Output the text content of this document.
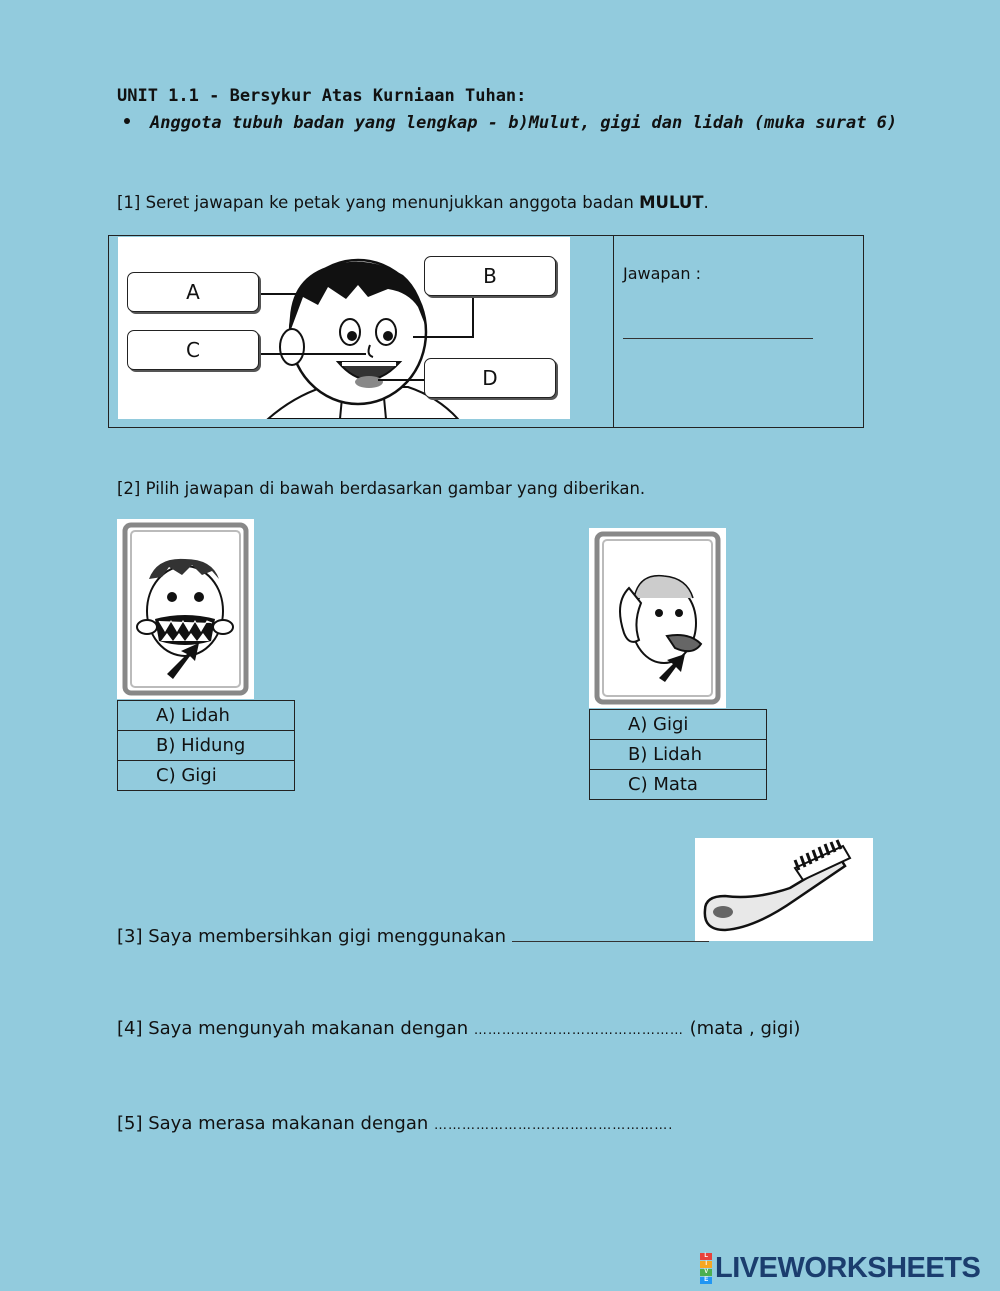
UNIT 1.1 - Bersykur Atas Kurniaan Tuhan:
Anggota tubuh badan yang lengkap - b)Mulut, gigi dan lidah (muka surat 6)
[1] Seret jawapan ke petak yang menunjukkan anggota badan MULUT.
A
B
C
D
Jawapan :
[2] Pilih jawapan di bawah berdasarkan gambar yang diberikan.
A) Lidah
B) Hidung
C) Gigi
A) Gigi
B) Lidah
C) Mata
[3] Saya membersihkan gigi menggunakan
[4] Saya mengunyah makanan dengan ……………………………………… (mata , gigi)
[5] Saya merasa makanan dengan ……………………..…………………….
L
I
V
E LIVEWORKSHEETS
